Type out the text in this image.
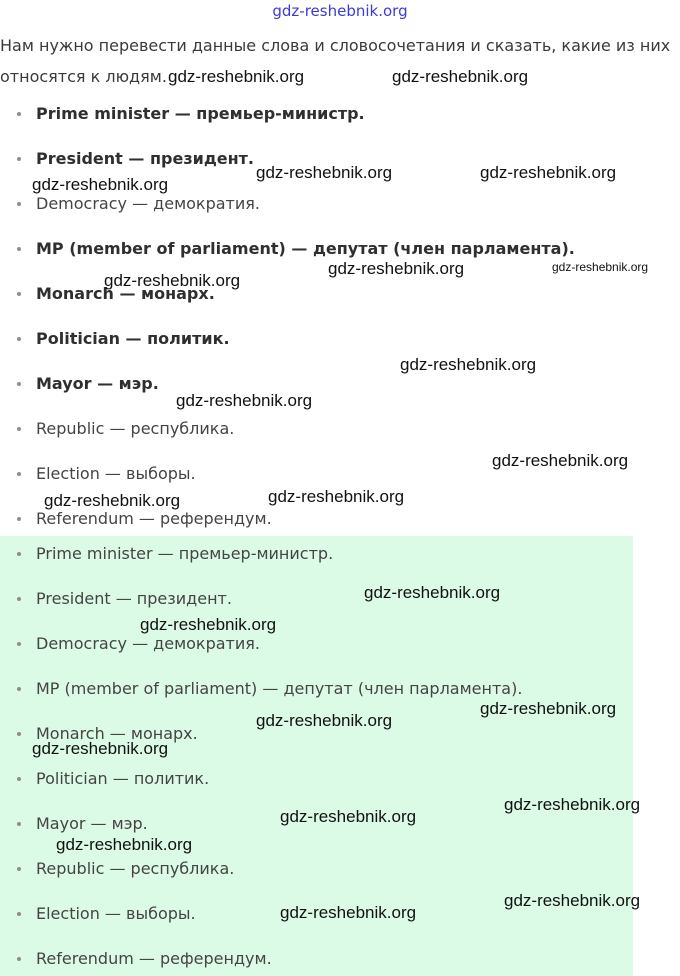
gdz-reshebnik.org

Нам нужно перевести данные слова и словосочетания и сказать, какие из них относятся к людям.

Prime minister — премьер-министр.
President — президент.
Democracy — демократия.
MP (member of parliament) — депутат (член парламента).
Monarch — монарх.
Politician — политик.
Mayor — мэр.
Republic — республика.
Election — выборы.
Referendum — референдум.
Prime minister — премьер-министр.
President — президент.
Democracy — демократия.
MP (member of parliament) — депутат (член парламента).
Monarch — монарх.
Politician — политик.
Mayor — мэр.
Republic — республика.
Election — выборы.
Referendum — референдум.
gdz-reshebnik.org	gdz-reshebnik.org
gdz-reshebnik.org	gdz-reshebnik.org
gdz-reshebnik.org
gdz-reshebnik.org	gdz-reshebnik.org
gdz-reshebnik.org
gdz-reshebnik.org
gdz-reshebnik.org
gdz-reshebnik.org
gdz-reshebnik.org
gdz-reshebnik.org
gdz-reshebnik.org
gdz-reshebnik.org
gdz-reshebnik.org
gdz-reshebnik.org
gdz-reshebnik.org
gdz-reshebnik.org
gdz-reshebnik.org
gdz-reshebnik.org
gdz-reshebnik.org
gdz-reshebnik.org
